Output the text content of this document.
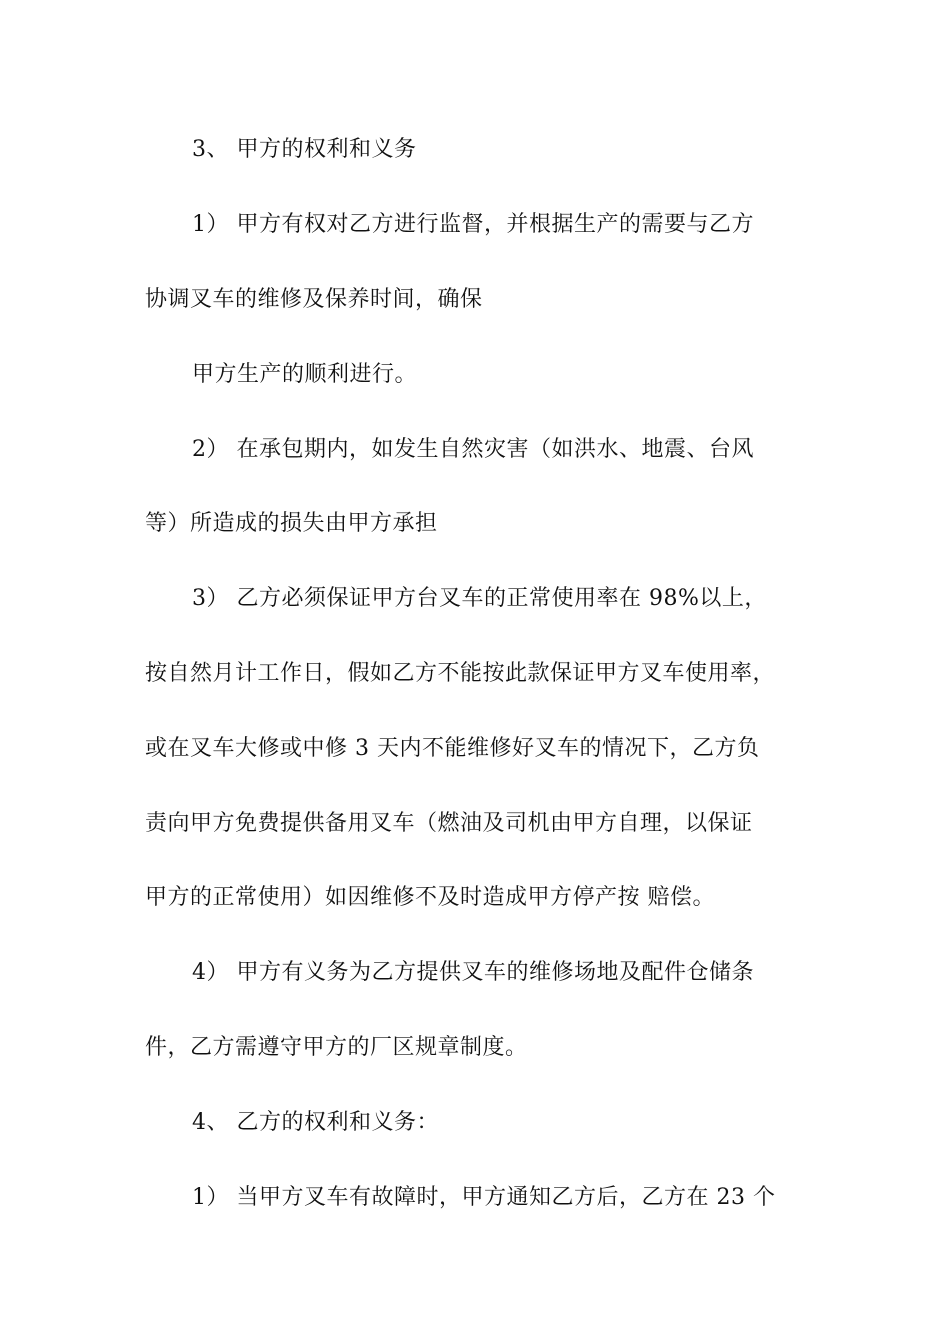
3、 甲方的权利和义务
1） 甲方有权对乙方进行监督，并根据生产的需要与乙方
协调叉车的维修及保养时间，确保
甲方生产的顺利进行。
2） 在承包期内，如发生自然灾害（如洪水、地震、台风
等）所造成的损失由甲方承担
3） 乙方必须保证甲方台叉车的正常使用率在 98%以上，
按自然月计工作日，假如乙方不能按此款保证甲方叉车使用率，
或在叉车大修或中修 3 天内不能维修好叉车的情况下，乙方负
责向甲方免费提供备用叉车（燃油及司机由甲方自理，以保证
甲方的正常使用）如因维修不及时造成甲方停产按 赔偿。
4） 甲方有义务为乙方提供叉车的维修场地及配件仓储条
件，乙方需遵守甲方的厂区规章制度。
4、 乙方的权利和义务：
1） 当甲方叉车有故障时，甲方通知乙方后，乙方在 23 个
